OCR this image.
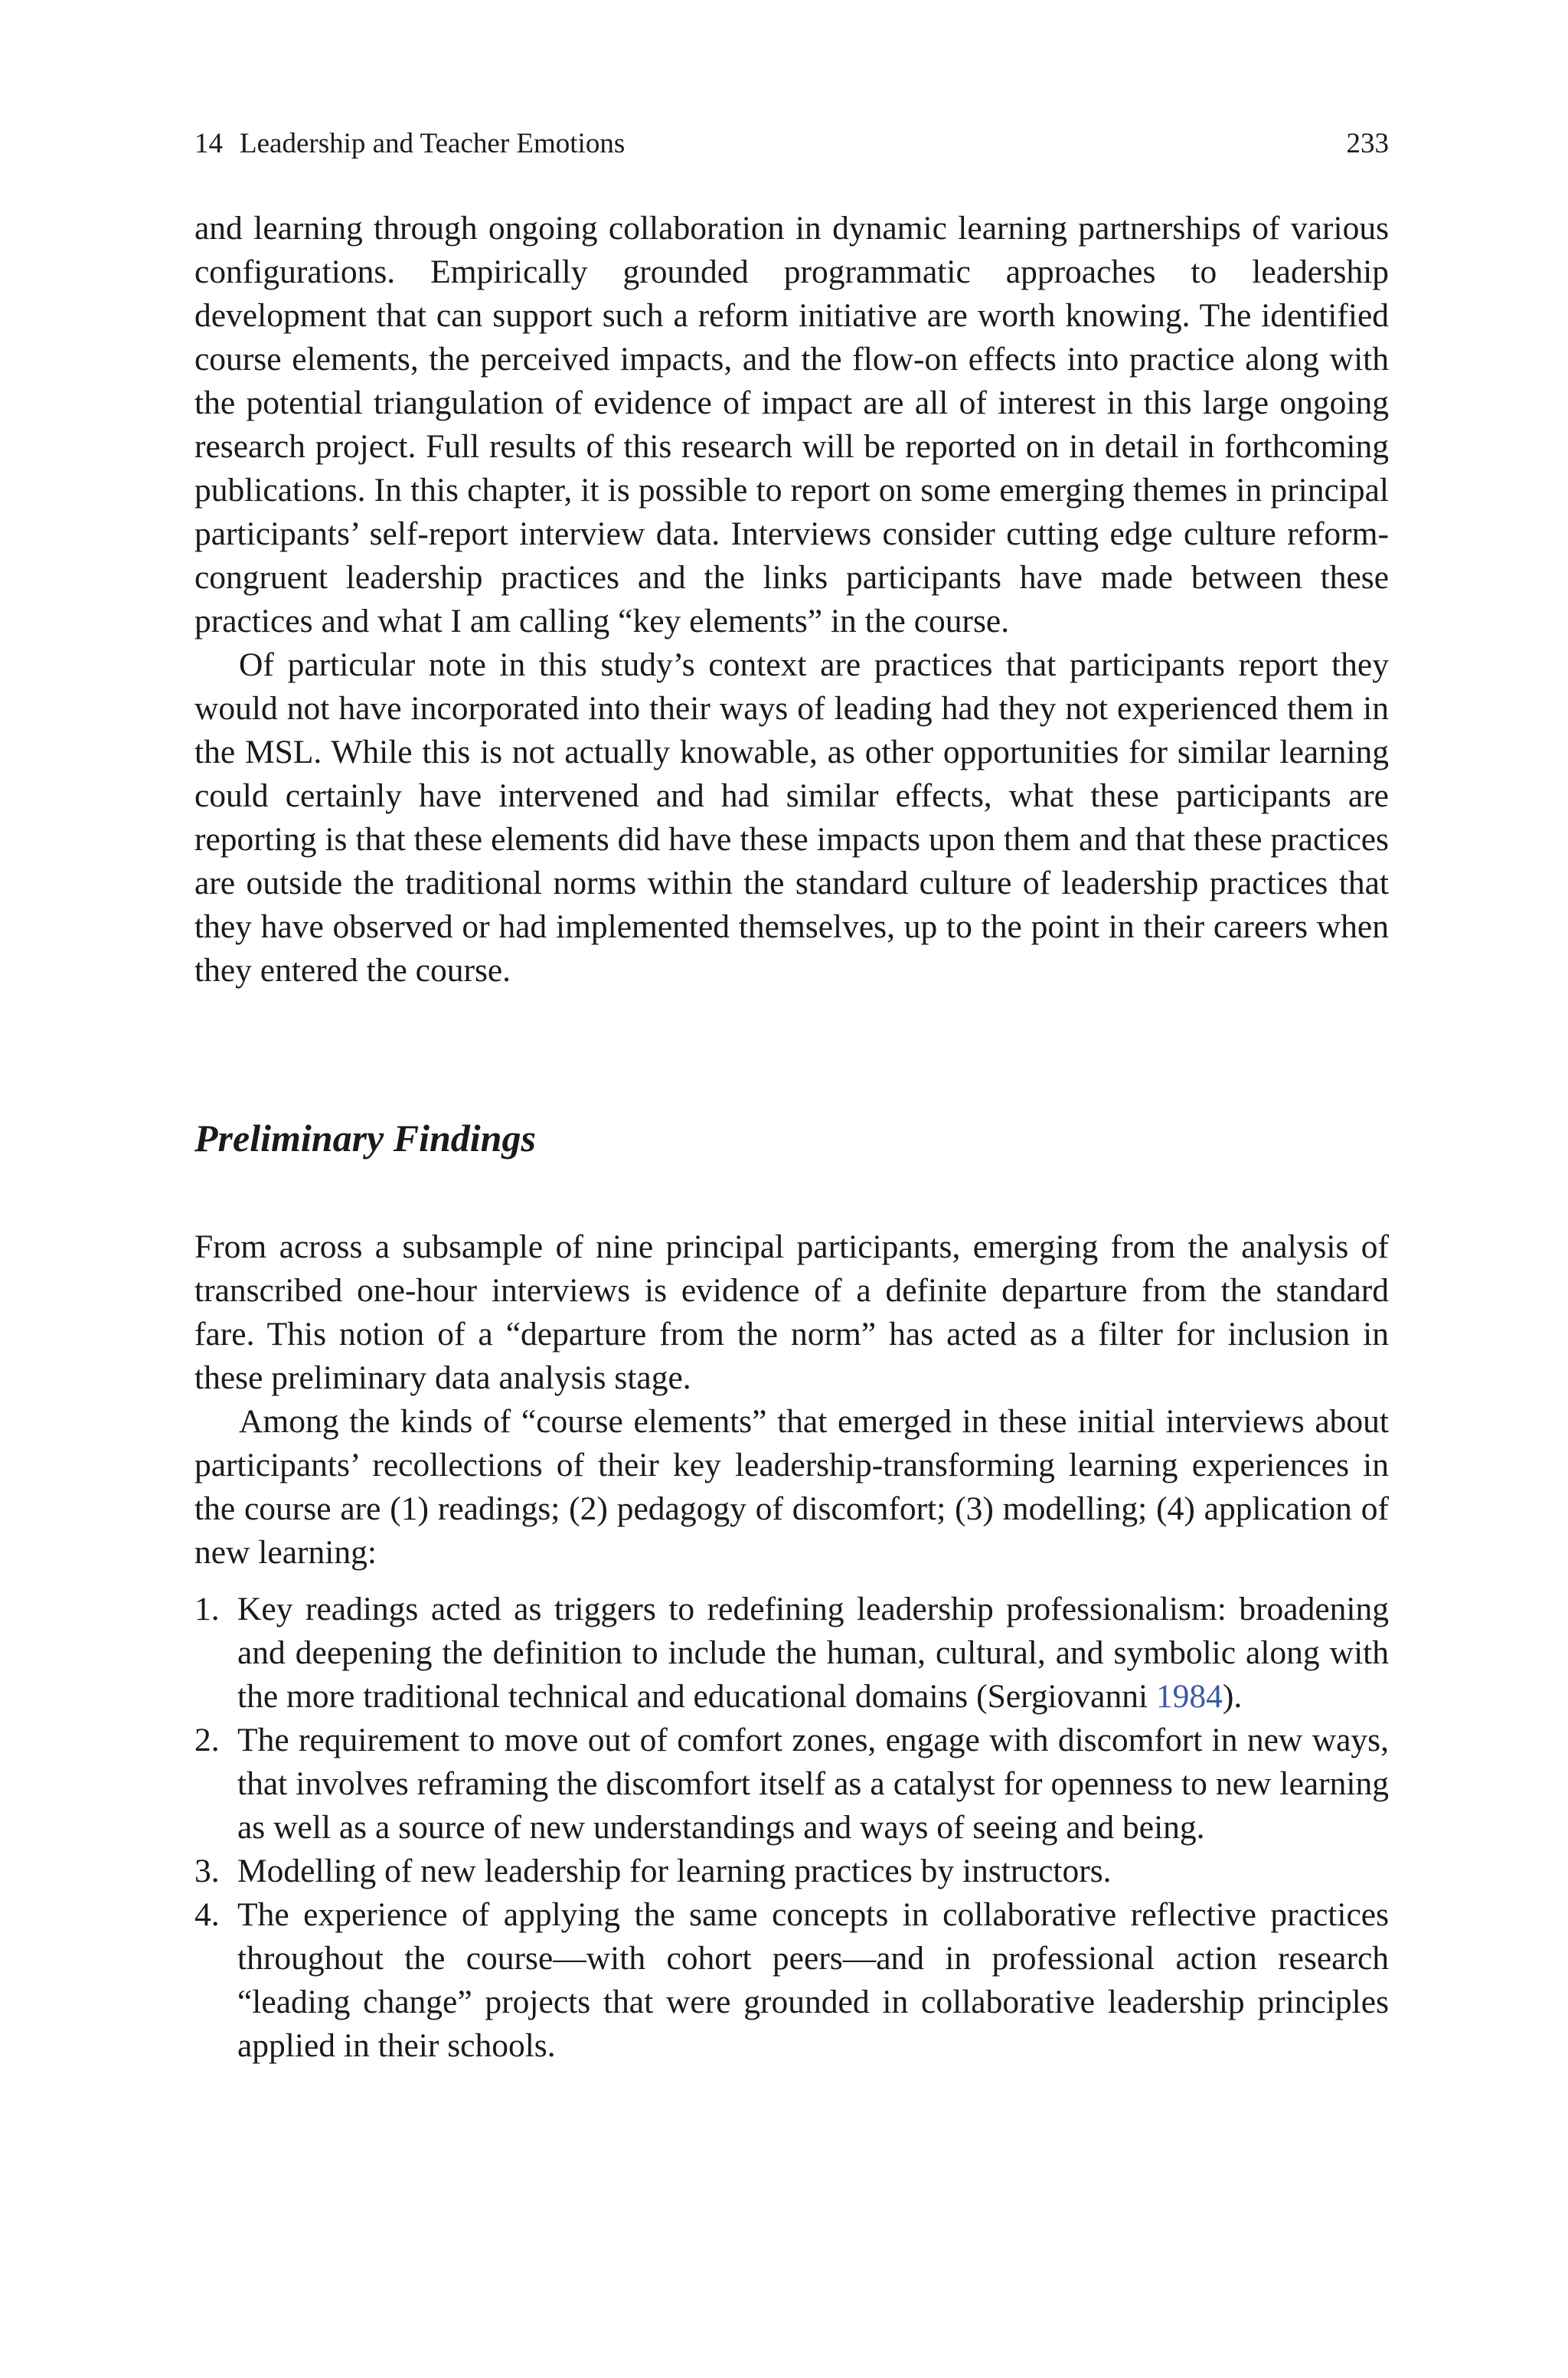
14 Leadership and Teacher Emotions	233

and learning through ongoing collaboration in dynamic learning partnerships of various configurations. Empirically grounded programmatic approaches to leadership development that can support such a reform initiative are worth knowing. The identified course elements, the perceived impacts, and the flow-on effects into practice along with the potential triangulation of evidence of impact are all of interest in this large ongoing research project. Full results of this research will be reported on in detail in forthcoming publications. In this chapter, it is possible to report on some emerging themes in principal participants’ self-report interview data. Interviews consider cutting edge culture reform-congruent leadership practices and the links participants have made between these practices and what I am calling “key elements” in the course.

Of particular note in this study’s context are practices that participants report they would not have incorporated into their ways of leading had they not experienced them in the MSL. While this is not actually knowable, as other opportunities for similar learning could certainly have intervened and had similar effects, what these participants are reporting is that these elements did have these impacts upon them and that these practices are outside the traditional norms within the standard culture of leadership practices that they have observed or had implemented themselves, up to the point in their careers when they entered the course.

Preliminary Findings

From across a subsample of nine principal participants, emerging from the analysis of transcribed one-hour interviews is evidence of a definite departure from the standard fare. This notion of a “departure from the norm” has acted as a filter for inclusion in these preliminary data analysis stage.

Among the kinds of “course elements” that emerged in these initial interviews about participants’ recollections of their key leadership-transforming learning experiences in the course are (1) readings; (2) pedagogy of discomfort; (3) modelling; (4) application of new learning:

1. Key readings acted as triggers to redefining leadership professionalism: broadening and deepening the definition to include the human, cultural, and symbolic along with the more traditional technical and educational domains (Sergiovanni 1984).
2. The requirement to move out of comfort zones, engage with discomfort in new ways, that involves reframing the discomfort itself as a catalyst for openness to new learning as well as a source of new understandings and ways of seeing and being.
3. Modelling of new leadership for learning practices by instructors.
4. The experience of applying the same concepts in collaborative reflective practices throughout the course—with cohort peers—and in professional action research “leading change” projects that were grounded in collaborative leadership principles applied in their schools.
